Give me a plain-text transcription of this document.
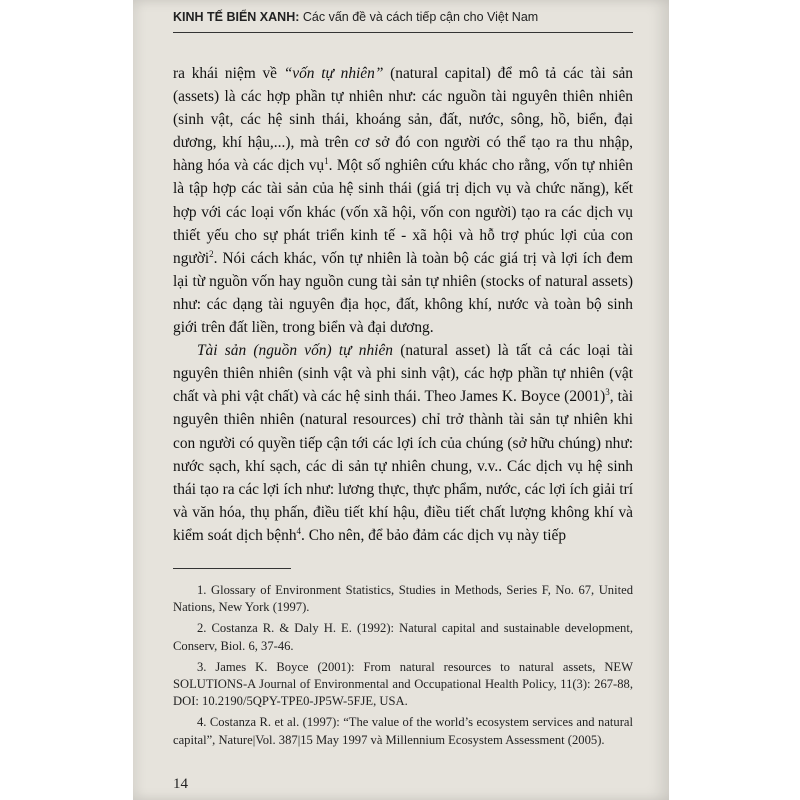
KINH TẾ BIỂN XANH: Các vấn đề và cách tiếp cận cho Việt Nam

ra khái niệm về “vốn tự nhiên” (natural capital) để mô tả các tài sản (assets) là các hợp phần tự nhiên như: các nguồn tài nguyên thiên nhiên (sinh vật, các hệ sinh thái, khoáng sản, đất, nước, sông, hồ, biển, đại dương, khí hậu,...), mà trên cơ sở đó con người có thể tạo ra thu nhập, hàng hóa và các dịch vụ$^1$. Một số nghiên cứu khác cho rằng, vốn tự nhiên là tập hợp các tài sản của hệ sinh thái (giá trị dịch vụ và chức năng), kết hợp với các loại vốn khác (vốn xã hội, vốn con người) tạo ra các dịch vụ thiết yếu cho sự phát triển kinh tế - xã hội và hỗ trợ phúc lợi của con người$^2$. Nói cách khác, vốn tự nhiên là toàn bộ các giá trị và lợi ích đem lại từ nguồn vốn hay nguồn cung tài sản tự nhiên (stocks of natural assets) như: các dạng tài nguyên địa học, đất, không khí, nước và toàn bộ sinh giới trên đất liền, trong biển và đại dương.

Tài sản (nguồn vốn) tự nhiên (natural asset) là tất cả các loại tài nguyên thiên nhiên (sinh vật và phi sinh vật), các hợp phần tự nhiên (vật chất và phi vật chất) và các hệ sinh thái. Theo James K. Boyce $(2001)^3$, tài nguyên thiên nhiên (natural resources) chỉ trở thành tài sản tự nhiên khi con người có quyền tiếp cận tới các lợi ích của chúng (sở hữu chúng) như: nước sạch, khí sạch, các di sản tự nhiên chung, v.v.. Các dịch vụ hệ sinh thái tạo ra các lợi ích như: lương thực, thực phẩm, nước, các lợi ích giải trí và văn hóa, thụ phấn, điều tiết khí hậu, điều tiết chất lượng không khí và kiểm soát dịch bệnh$^4$. Cho nên, để bảo đảm các dịch vụ này tiếp

1. Glossary of Environment Statistics, Studies in Methods, Series F, No. 67, United Nations, New York (1997).

2. Costanza R. & Daly H. E. (1992): Natural capital and sustainable development, Conserv, Biol. 6, 37-46.

3. James K. Boyce (2001): From natural resources to natural assets, NEW SOLUTIONS-A Journal of Environmental and Occupational Health Policy, 11(3): 267-88, DOI: 10.2190/5QPY-TPE0-JP5W-5FJE, USA.

4. Costanza R. et al. (1997): “The value of the world’s ecosystem services and natural capital”, Nature|Vol. 387|15 May 1997 và Millennium Ecosystem Assessment (2005).

14
